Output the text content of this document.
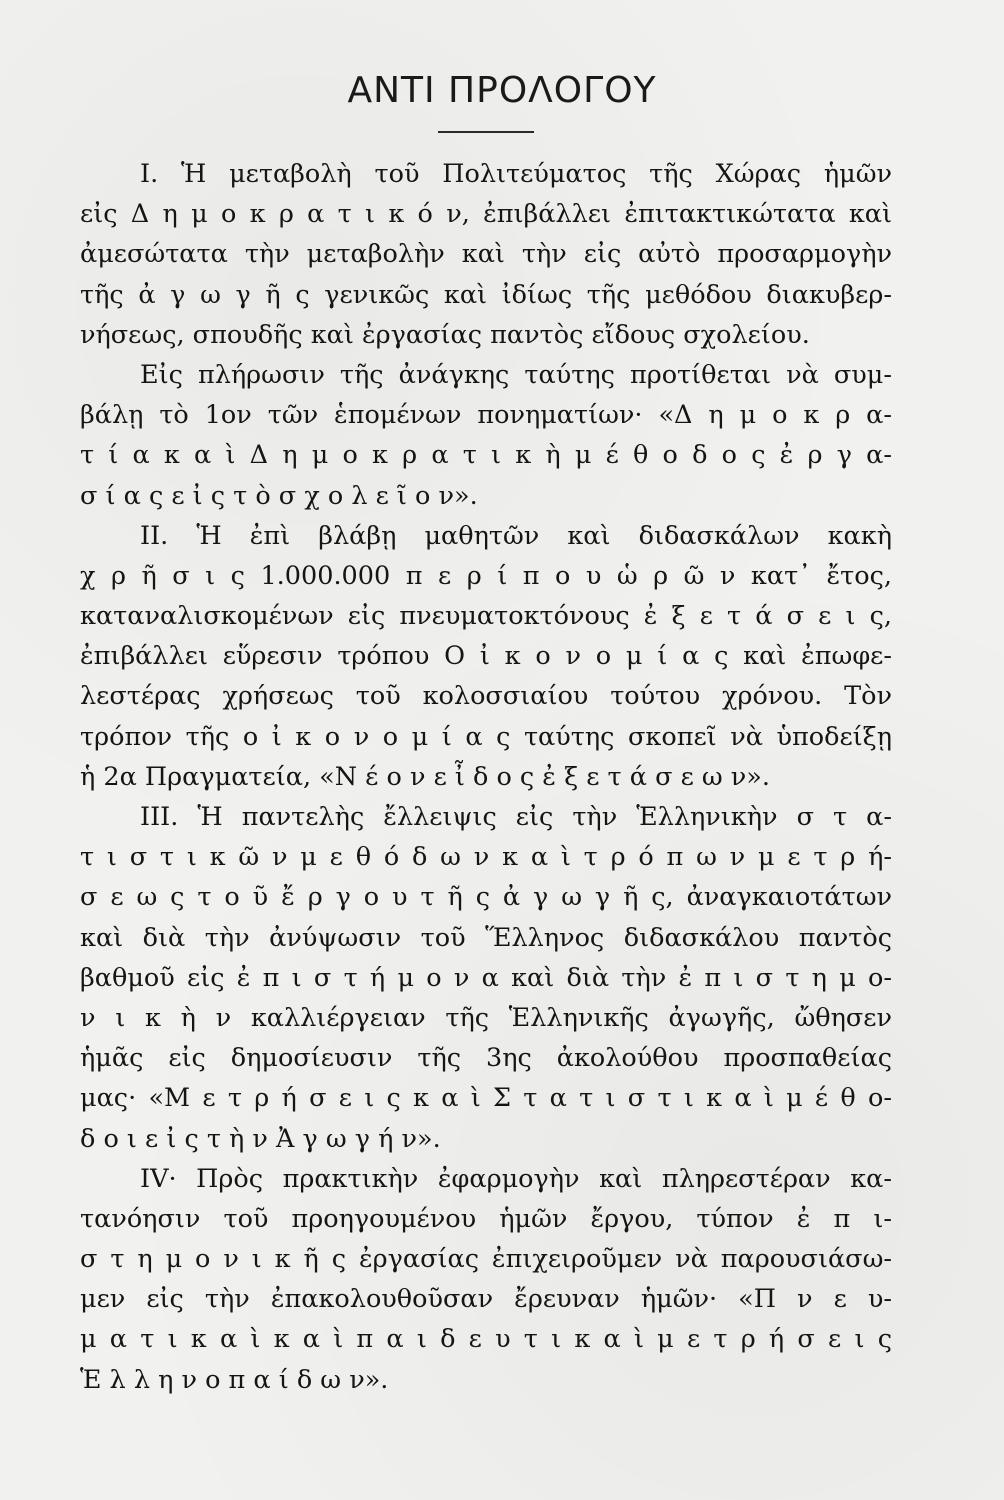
ΑΝΤΙ ΠΡΟΛΟΓΟΥ
I. Ἡ μεταβολὴ τοῦ Πολιτεύματος τῆς Χώρας ἡμῶν
εἰς Δ η μ ο κ ρ α τ ι κ ό ν, ἐπιβάλλει ἐπιτακτικώτατα καὶ
ἀμεσώτατα τὴν μεταβολὴν καὶ τὴν εἰς αὐτὸ προσαρμογὴν
τῆς ἀ γ ω γ ῆ ς γενικῶς καὶ ἰδίως τῆς μεθόδου διακυβερ-
νήσεως, σπουδῆς καὶ ἐργασίας παντὸς εἴδους σχολείου.
Εἰς πλήρωσιν τῆς ἀνάγκης ταύτης προτίθεται νὰ συμ-
βάλῃ τὸ 1ον τῶν ἑπομένων πονηματίων· «Δ η μ ο κ ρ α-
τ ί α κ α ὶ Δ η μ ο κ ρ α τ ι κ ὴ μ έ θ ο δ ο ς ἐ ρ γ α-
σ ί α ς ε ἰ ς τ ὸ σ χ ο λ ε ῖ ο ν».
II. Ἡ ἐπὶ βλάβῃ μαθητῶν καὶ διδασκάλων κακὴ
χ ρ ῆ σ ι ς 1.000.000 π ε ρ ί π ο υ ὡ ρ ῶ ν κατ᾽ ἔτος,
καταναλισκομένων εἰς πνευματοκτόνους ἐ ξ ε τ ά σ ε ι ς,
ἐπιβάλλει εὕρεσιν τρόπου Ο ἰ κ ο ν ο μ ί α ς καὶ ἐπωφε-
λεστέρας χρήσεως τοῦ κολοσσιαίου τούτου χρόνου. Τὸν
τρόπον τῆς ο ἰ κ ο ν ο μ ί α ς ταύτης σκοπεῖ νὰ ὑποδείξῃ
ἡ 2α Πραγματεία, «Ν έ ο ν ε ἶ δ ο ς ἐ ξ ε τ ά σ ε ω ν».
III. Ἡ παντελὴς ἔλλειψις εἰς τὴν Ἑλληνικὴν σ τ α-
τ ι σ τ ι κ ῶ ν μ ε θ ό δ ω ν κ α ὶ τ ρ ό π ω ν μ ε τ ρ ή-
σ ε ω ς τ ο ῦ ἔ ρ γ ο υ τ ῆ ς ἀ γ ω γ ῆ ς, ἀναγκαιοτάτων
καὶ διὰ τὴν ἀνύψωσιν τοῦ Ἕλληνος διδασκάλου παντὸς
βαθμοῦ εἰς ἐ π ι σ τ ή μ ο ν α καὶ διὰ τὴν ἐ π ι σ τ η μ ο-
ν ι κ ὴ ν καλλιέργειαν τῆς Ἑλληνικῆς ἀγωγῆς, ὤθησεν
ἡμᾶς εἰς δημοσίευσιν τῆς 3ης ἀκολούθου προσπαθείας
μας· «Μ ε τ ρ ή σ ε ι ς κ α ὶ Σ τ α τ ι σ τ ι κ α ὶ μ έ θ ο-
δ ο ι ε ἰ ς τ ὴ ν Ἀ γ ω γ ή ν».
IV· Πρὸς πρακτικὴν ἐφαρμογὴν καὶ πληρεστέραν κα-
τανόησιν τοῦ προηγουμένου ἡμῶν ἔργου, τύπον ἐ π ι-
σ τ η μ ο ν ι κ ῆ ς ἐργασίας ἐπιχειροῦμεν νὰ παρουσιάσω-
μεν εἰς τὴν ἐπακολουθοῦσαν ἔρευναν ἡμῶν· «Π ν ε υ-
μ α τ ι κ α ὶ κ α ὶ π α ι δ ε υ τ ι κ α ὶ μ ε τ ρ ή σ ε ι ς
Ἑ λ λ η ν ο π α ί δ ω ν».
